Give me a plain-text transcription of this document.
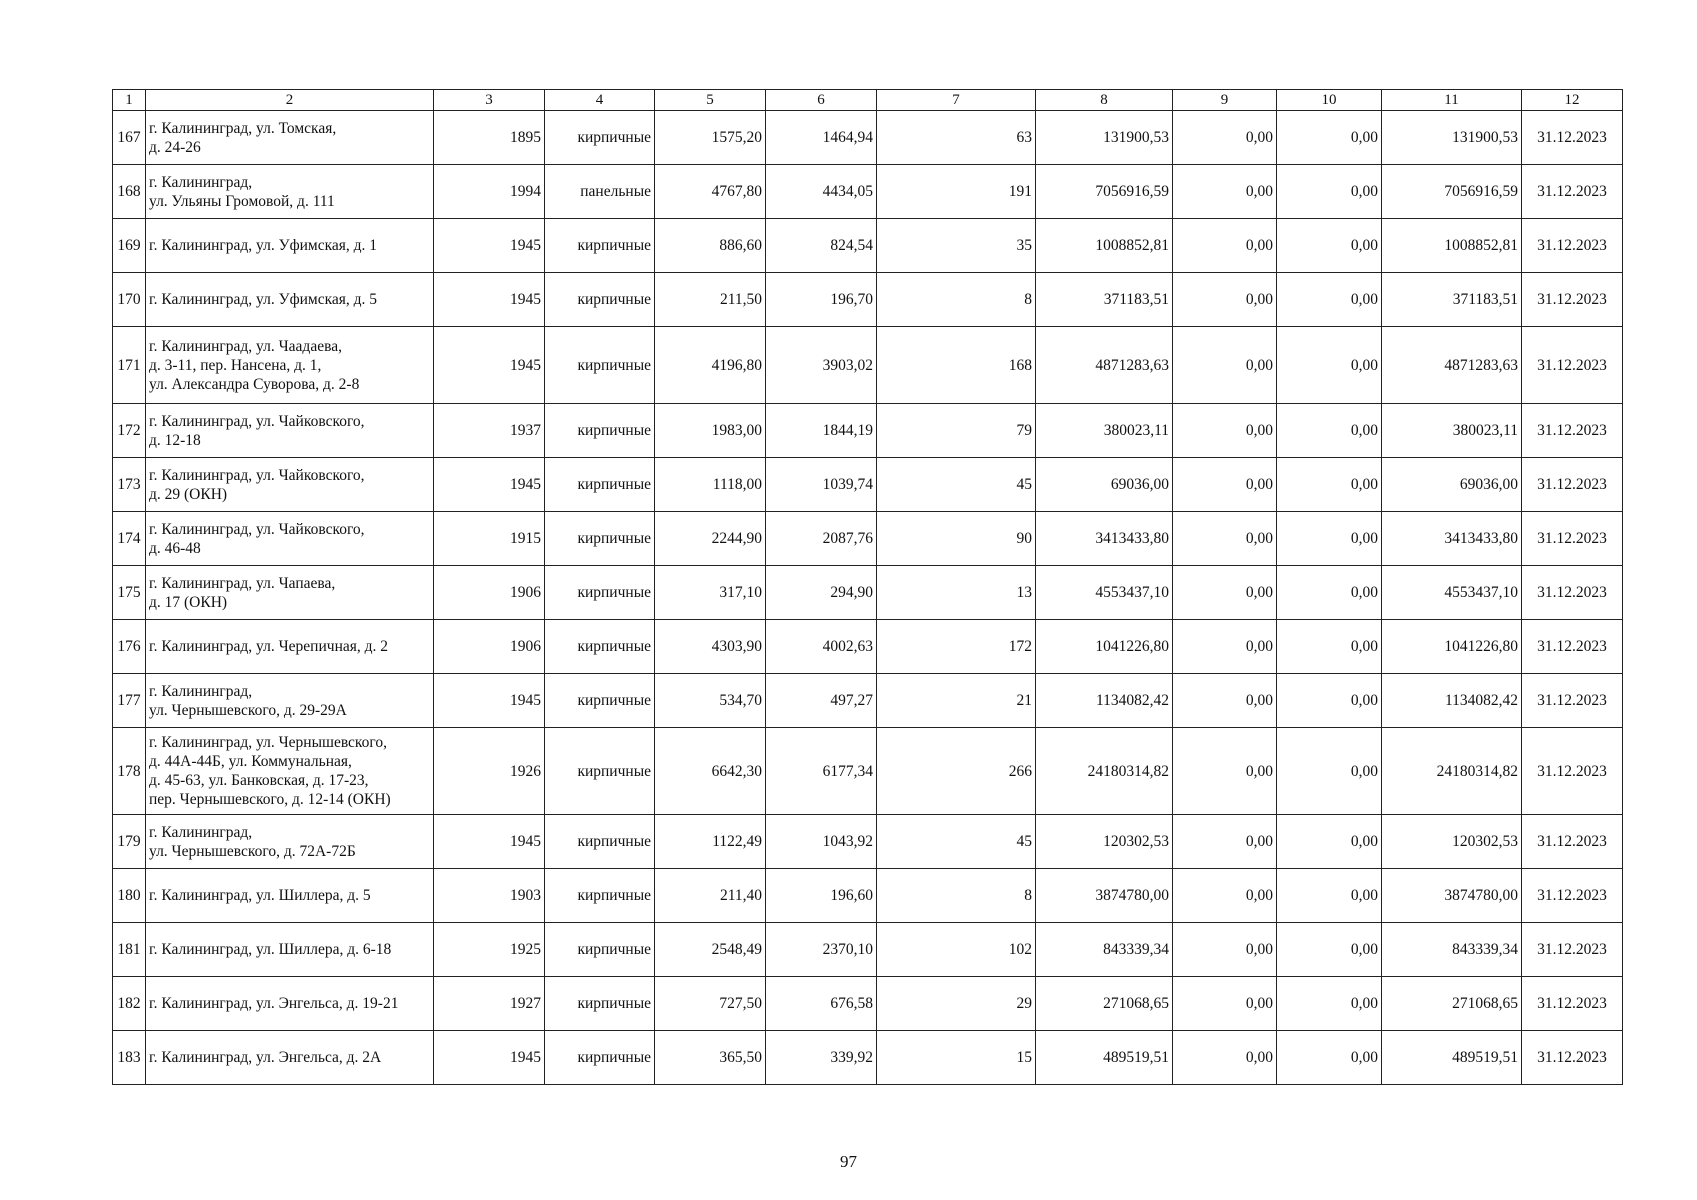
1	2	3	4	5	6	7	8	9	10	11	12
167	г. Калининград, ул. Томская,
д. 24-26	1895	кирпичные	1575,20	1464,94	63	131900,53	0,00	0,00	131900,53	31.12.2023
168	г. Калининград,
ул. Ульяны Громовой, д. 111	1994	панельные	4767,80	4434,05	191	7056916,59	0,00	0,00	7056916,59	31.12.2023
169	г. Калининград, ул. Уфимская, д. 1	1945	кирпичные	886,60	824,54	35	1008852,81	0,00	0,00	1008852,81	31.12.2023
170	г. Калининград, ул. Уфимская, д. 5	1945	кирпичные	211,50	196,70	8	371183,51	0,00	0,00	371183,51	31.12.2023
171	г. Калининград, ул. Чаадаева,
д. 3-11, пер. Нансена, д. 1,
ул. Александра Суворова, д. 2-8	1945	кирпичные	4196,80	3903,02	168	4871283,63	0,00	0,00	4871283,63	31.12.2023
172	г. Калининград, ул. Чайковского,
д. 12-18	1937	кирпичные	1983,00	1844,19	79	380023,11	0,00	0,00	380023,11	31.12.2023
173	г. Калининград, ул. Чайковского,
д. 29 (ОКН)	1945	кирпичные	1118,00	1039,74	45	69036,00	0,00	0,00	69036,00	31.12.2023
174	г. Калининград, ул. Чайковского,
д. 46-48	1915	кирпичные	2244,90	2087,76	90	3413433,80	0,00	0,00	3413433,80	31.12.2023
175	г. Калининград, ул. Чапаева,
д. 17 (ОКН)	1906	кирпичные	317,10	294,90	13	4553437,10	0,00	0,00	4553437,10	31.12.2023
176	г. Калининград, ул. Черепичная, д. 2	1906	кирпичные	4303,90	4002,63	172	1041226,80	0,00	0,00	1041226,80	31.12.2023
177	г. Калининград,
ул. Чернышевского, д. 29-29А	1945	кирпичные	534,70	497,27	21	1134082,42	0,00	0,00	1134082,42	31.12.2023
178	г. Калининград, ул. Чернышевского,
д. 44А-44Б, ул. Коммунальная,
д. 45-63, ул. Банковская, д. 17-23,
пер. Чернышевского, д. 12-14 (ОКН)	1926	кирпичные	6642,30	6177,34	266	24180314,82	0,00	0,00	24180314,82	31.12.2023
179	г. Калининград,
ул. Чернышевского, д. 72А-72Б	1945	кирпичные	1122,49	1043,92	45	120302,53	0,00	0,00	120302,53	31.12.2023
180	г. Калининград, ул. Шиллера, д. 5	1903	кирпичные	211,40	196,60	8	3874780,00	0,00	0,00	3874780,00	31.12.2023
181	г. Калининград, ул. Шиллера, д. 6-18	1925	кирпичные	2548,49	2370,10	102	843339,34	0,00	0,00	843339,34	31.12.2023
182	г. Калининград, ул. Энгельса, д. 19-21	1927	кирпичные	727,50	676,58	29	271068,65	0,00	0,00	271068,65	31.12.2023
183	г. Калининград, ул. Энгельса, д. 2А	1945	кирпичные	365,50	339,92	15	489519,51	0,00	0,00	489519,51	31.12.2023
97
